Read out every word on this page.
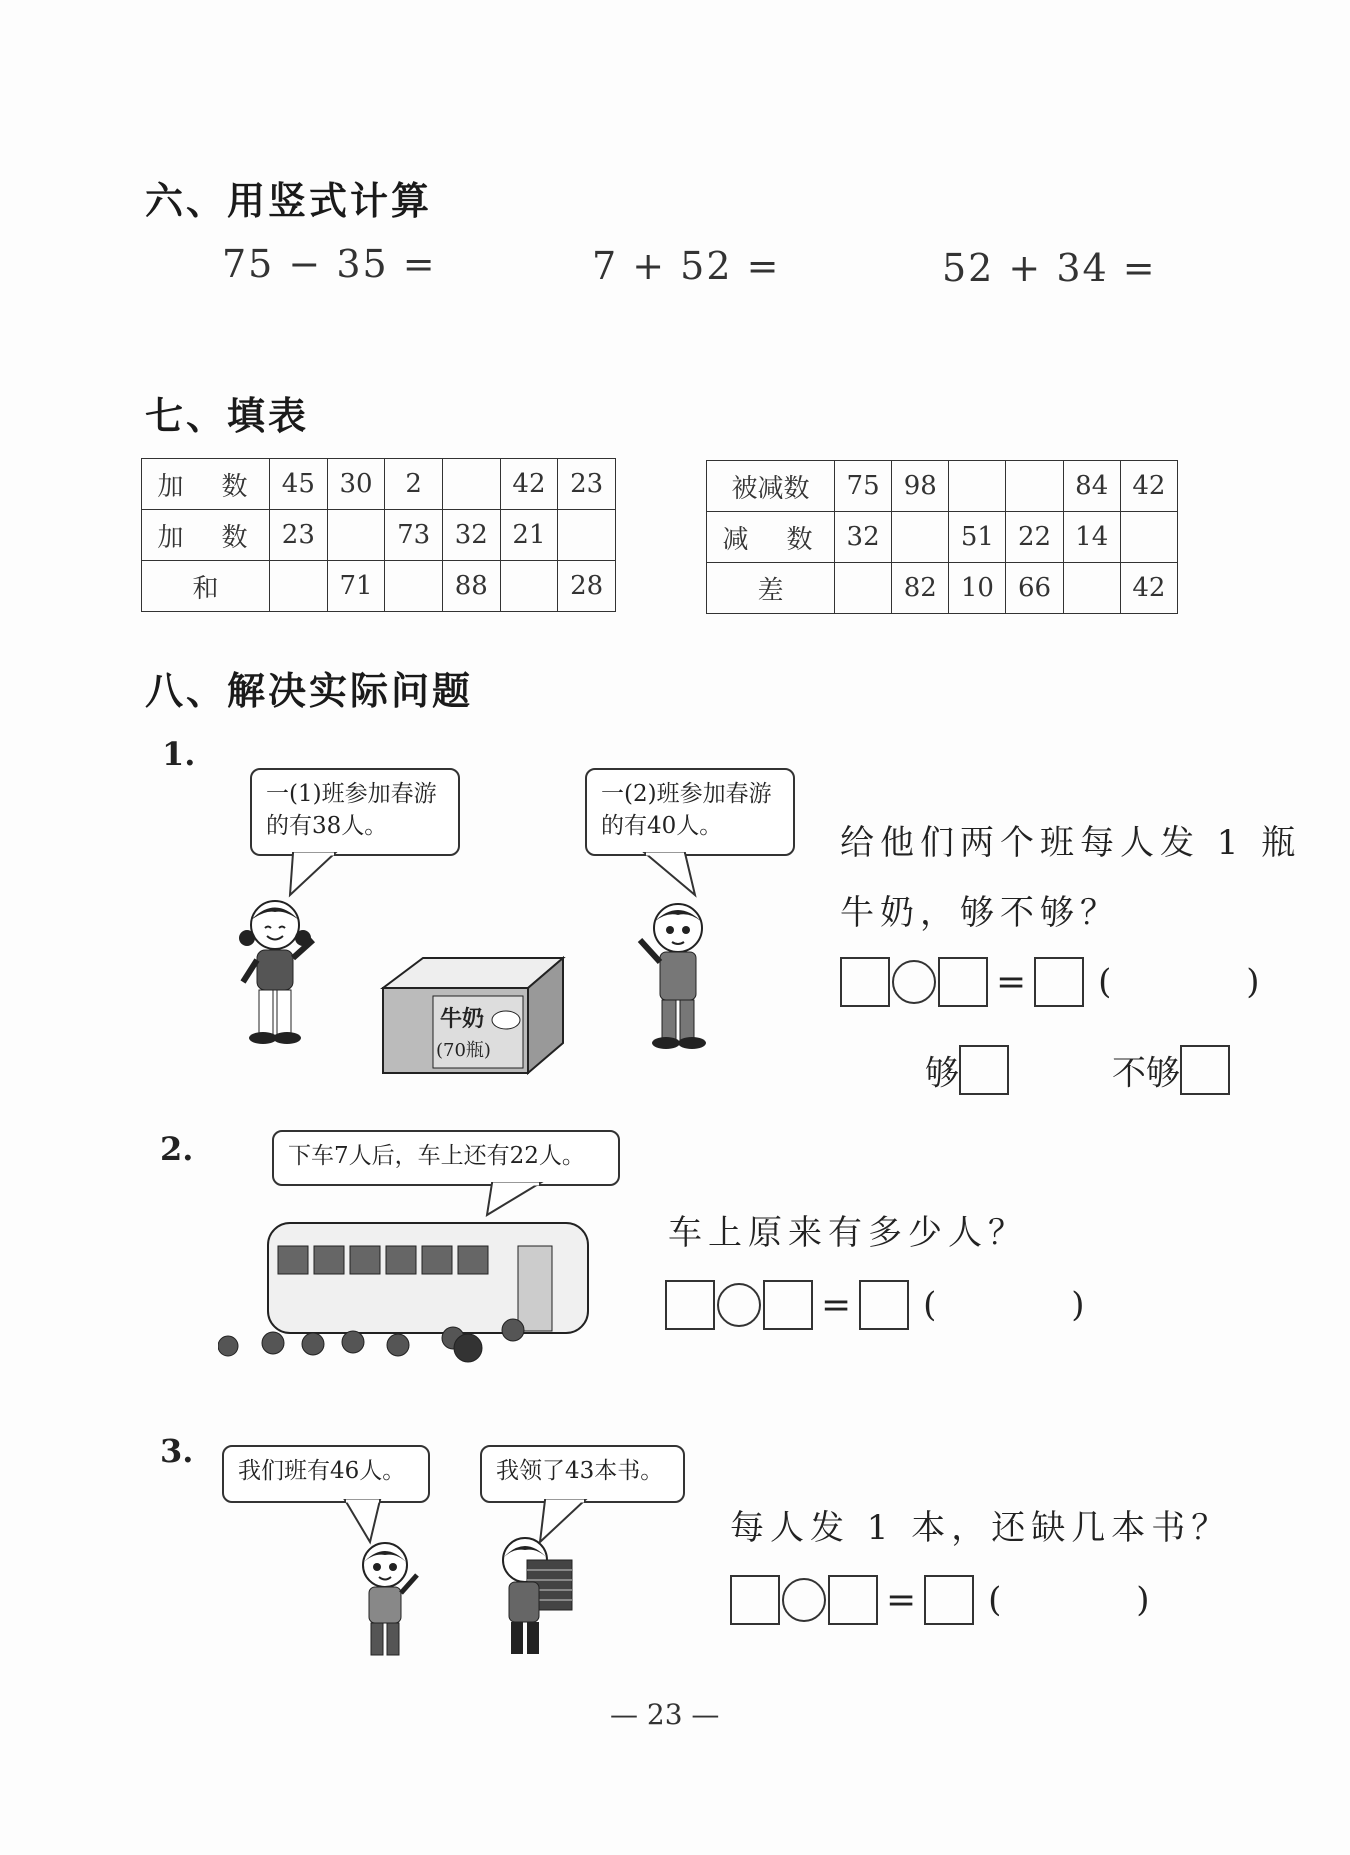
六、用竖式计算
75 − 35 =	7 + 52 =	52 + 34 =
七、填表
加　数	45	30	2		42	23
加　数	23		73	32	21	
和		71		88		28
被减数	75	98			84	42
减　数	32		51	22	14	
差		82	10	66		42
八、解决实际问题
1.
一(1)班参加春游的有38人。
一(2)班参加春游的有40人。
牛奶
(70瓶)
给他们两个班每人发 1 瓶
牛奶，够不够？
= ( )
够	不够
2.	下车7人后，车上还有22人。
车上原来有多少人？
= ( )
3.
我们班有46人。	我领了43本书。
每人发 1 本，还缺几本书？
= ( )
— 23 —
